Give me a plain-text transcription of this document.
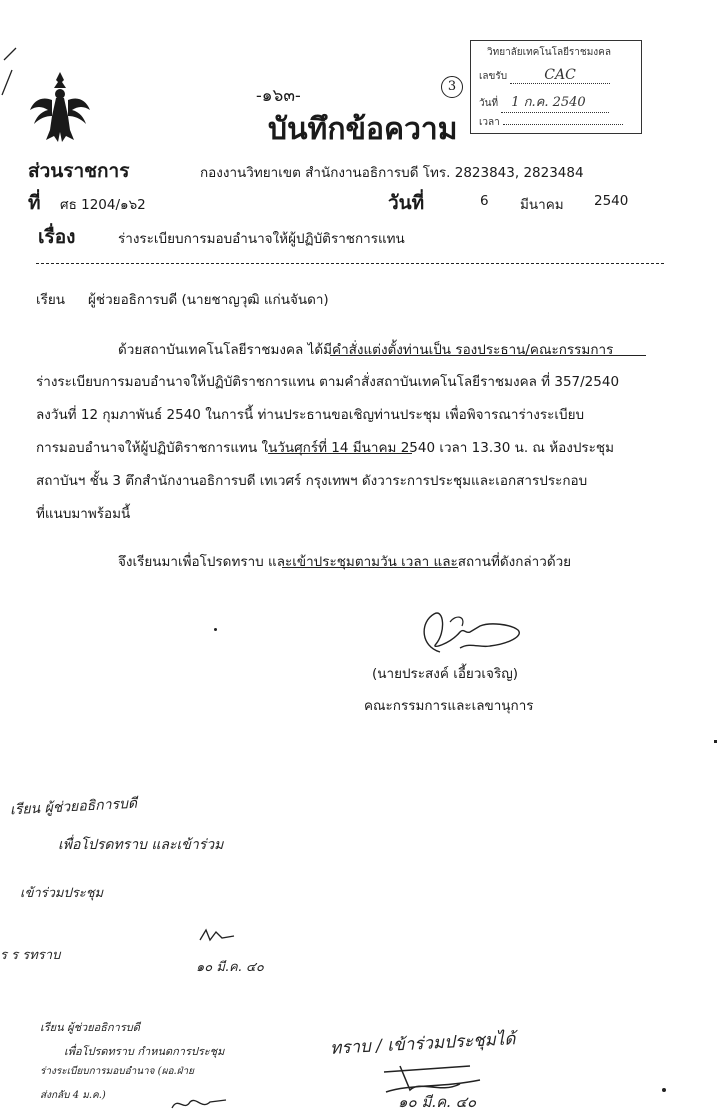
-๑๖๓-	3
บันทึกข้อความ
วิทยาลัยเทคโนโลยีราชมงคล
เลขรับ	CAC
วันที่ 1 ก.ค. 2540
เวลา
ส่วนราชการ	กองงานวิทยาเขต สำนักงานอธิการบดี โทร. 2823843, 2823484
ที่ ศธ 1204/๑๖2	วันที่	6 มีนาคม 2540
เรื่อง	ร่างระเบียบการมอบอำนาจให้ผู้ปฏิบัติราชการแทน
เรียน ผู้ช่วยอธิการบดี (นายชาญวุฒิ แก่นจันดา)
ด้วยสถาบันเทคโนโลยีราชมงคล ได้มีคำสั่งแต่งตั้งท่านเป็น รองประธาน/คณะกรรมการ
ร่างระเบียบการมอบอำนาจให้ปฏิบัติราชการแทน ตามคำสั่งสถาบันเทคโนโลยีราชมงคล ที่ 357/2540
ลงวันที่ 12 กุมภาพันธ์ 2540 ในการนี้ ท่านประธานขอเชิญท่านประชุม เพื่อพิจารณาร่างระเบียบ
การมอบอำนาจให้ผู้ปฏิบัติราชการแทน ในวันศุกร์ที่ 14 มีนาคม 2540 เวลา 13.30 น. ณ ห้องประชุม
สถาบันฯ ชั้น 3 ตึกสำนักงานอธิการบดี เทเวศร์ กรุงเทพฯ ดังวาระการประชุมและเอกสารประกอบ
ที่แนบมาพร้อมนี้
จึงเรียนมาเพื่อโปรดทราบ และเข้าประชุมตามวัน เวลา และสถานที่ดังกล่าวด้วย
(นายประสงค์ เอี้ยวเจริญ)
คณะกรรมการและเลขานุการ
เรียน ผู้ช่วยอธิการบดี
เพื่อโปรดทราบ และเข้าร่วม
เข้าร่วมประชุม
ร ร รทราบ
๑๐ มี.ค. ๔๐
เรียน ผู้ช่วยอธิการบดี
เพื่อโปรดทราบ กำหนดการประชุม
ร่างระเบียบการมอบอำนาจ (ผอ.ฝ่าย
ส่งกลับ 4 ม.ค.)
ทราบ / เข้าร่วมประชุมได้
๑๐ มี.ค. ๔๐
